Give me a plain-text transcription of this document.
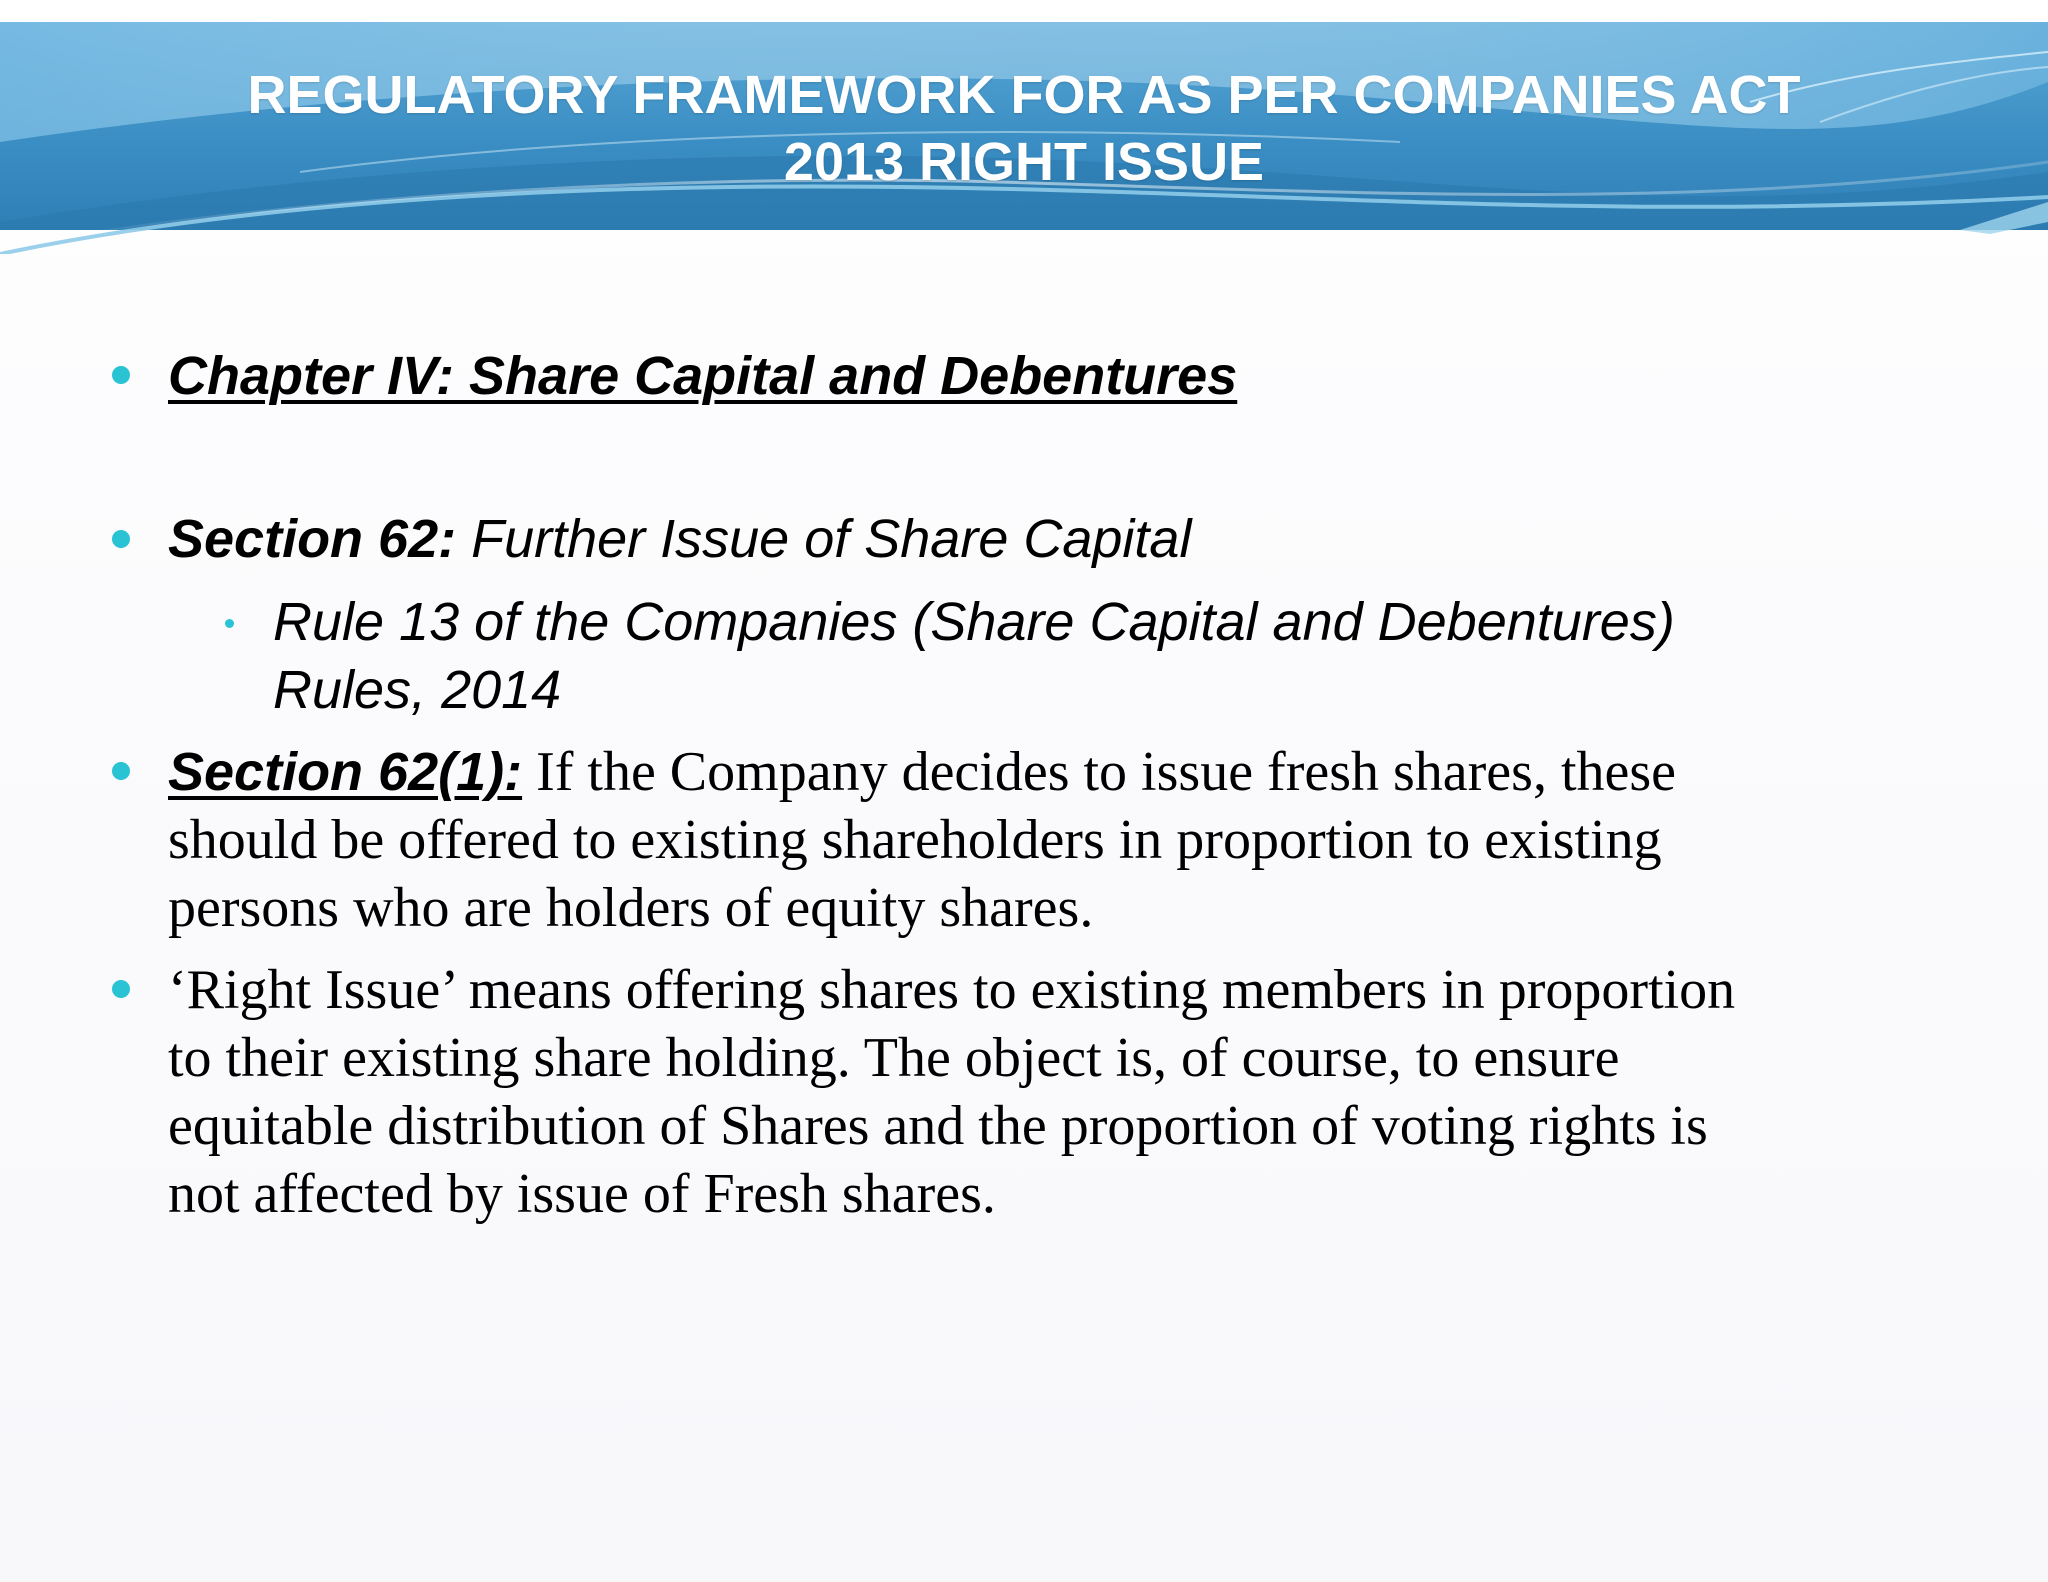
REGULATORY FRAMEWORK FOR AS PER COMPANIES ACT
2013 RIGHT ISSUE

Chapter IV: Share Capital and Debentures

Section 62: Further Issue of Share Capital

Rule 13 of the Companies (Share Capital and Debentures)

Rules, 2014

Section 62(1): If the Company decides to issue fresh shares, these

should be offered to existing shareholders in proportion to existing

persons who are holders of equity shares.

‘Right Issue’ means offering shares to existing members in proportion

to their existing share holding. The object is, of course, to ensure

equitable distribution of Shares and the proportion of voting rights is

not affected by issue of Fresh shares.
